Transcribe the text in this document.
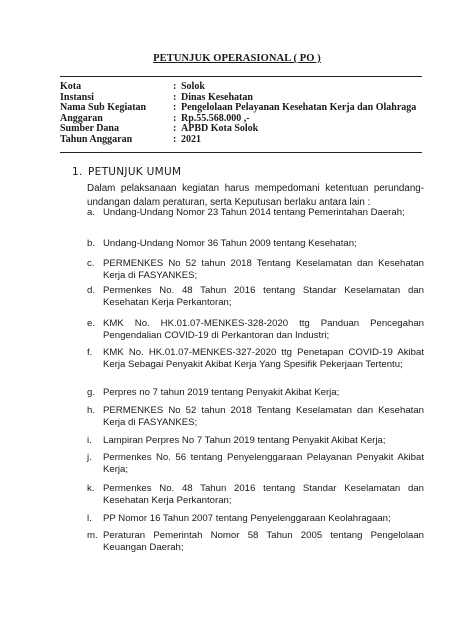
PETUNJUK OPERASIONAL ( PO )
Kota	: Solok
Instansi	: Dinas Kesehatan
Nama Sub Kegiatan	: Pengelolaan Pelayanan Kesehatan Kerja dan Olahraga
Anggaran	: Rp.55.568.000 ,-
Sumber Dana	: APBD Kota Solok
Tahun Anggaran	: 2021
1. PETUNJUK UMUM
Dalam pelaksanaan kegiatan harus mempedomani ketentuan perundang-undangan dalam peraturan, serta Keputusan berlaku antara lain :
a. Undang-Undang Nomor 23 Tahun 2014 tentang Pemerintahan Daerah;
b. Undang-Undang Nomor 36 Tahun 2009 tentang Kesehatan;
c. PERMENKES No 52 tahun 2018 Tentang Keselamatan dan Kesehatan Kerja di FASYANKES;
d. Permenkes No. 48 Tahun 2016 tentang Standar Keselamatan dan Kesehatan Kerja Perkantoran;
e. KMK No. HK.01.07-MENKES-328-2020 ttg Panduan Pencegahan Pengendalian COVID-19 di Perkantoran dan Industri;
f.	KMK No. HK.01.07-MENKES-327-2020 ttg Penetapan COVID-19 Akibat Kerja Sebagai Penyakit Akibat Kerja Yang Spesifik Pekerjaan Tertentu;
g. Perpres no 7 tahun 2019 tentang Penyakit Akibat Kerja;
h. PERMENKES No 52 tahun 2018 Tentang Keselamatan dan Kesehatan Kerja di FASYANKES;
i.	Lampiran Perpres No 7 Tahun 2019 tentang Penyakit Akibat Kerja;
j.	Permenkes No. 56 tentang Penyelenggaraan Pelayanan Penyakit Akibat Kerja;
k. Permenkes No. 48 Tahun 2016 tentang Standar Keselamatan dan Kesehatan Kerja Perkantoran;
l.	PP Nomor 16 Tahun 2007 tentang Penyelenggaraan Keolahragaan;
m. Peraturan Pemerintah Nomor 58 Tahun 2005 tentang Pengelolaan Keuangan Daerah;
